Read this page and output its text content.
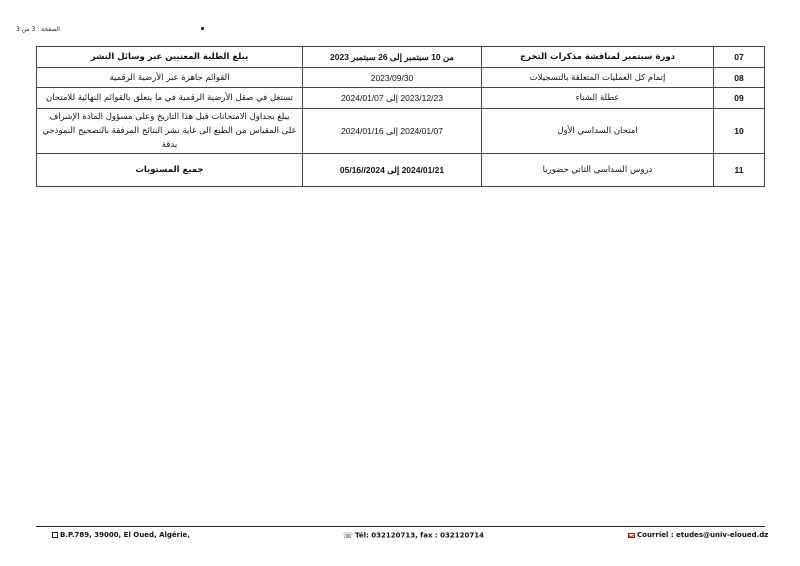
الصفحة : 3 من 3
07	دورة سبتمبر لمناقشة مذكرات التخرج	من 10 سبتمبر إلى 26 سبتمبر 2023	يبلغ الطلبة المعنيين عبر وسائل النشر
08	إتمام كل العمليات المتعلقة بالتسجيلات	2023/09/30	القوائم جاهزة عبر الأرضية الرقمية
09	عطلة الشتاء	2023/12/23 إلى 2024/01/07	تستغل في صقل الأرضية الرقمية في ما يتعلق بالقوائم النهائية للامتحان
10	امتحان السداسي الأول	2024/01/07 إلى 2024/01/16	يبلغ بجداول الامتحانات قبل هذا التاريخ وعلى مسؤول المادة الإشراف على المقياس من الطبع الى غاية نشر النتائج المرفقة بالتصحيح النموذجي بدقة
11	دروس السداسي الثاني حضوريا	2024/01/21 إلى 2024//05/16	جميع المستويات
B.P.789, 39000, El Oued, Algérie,	☏ Tél: 032120713, fax : 032120714	Courriel : etudes@univ-eloued.dz
